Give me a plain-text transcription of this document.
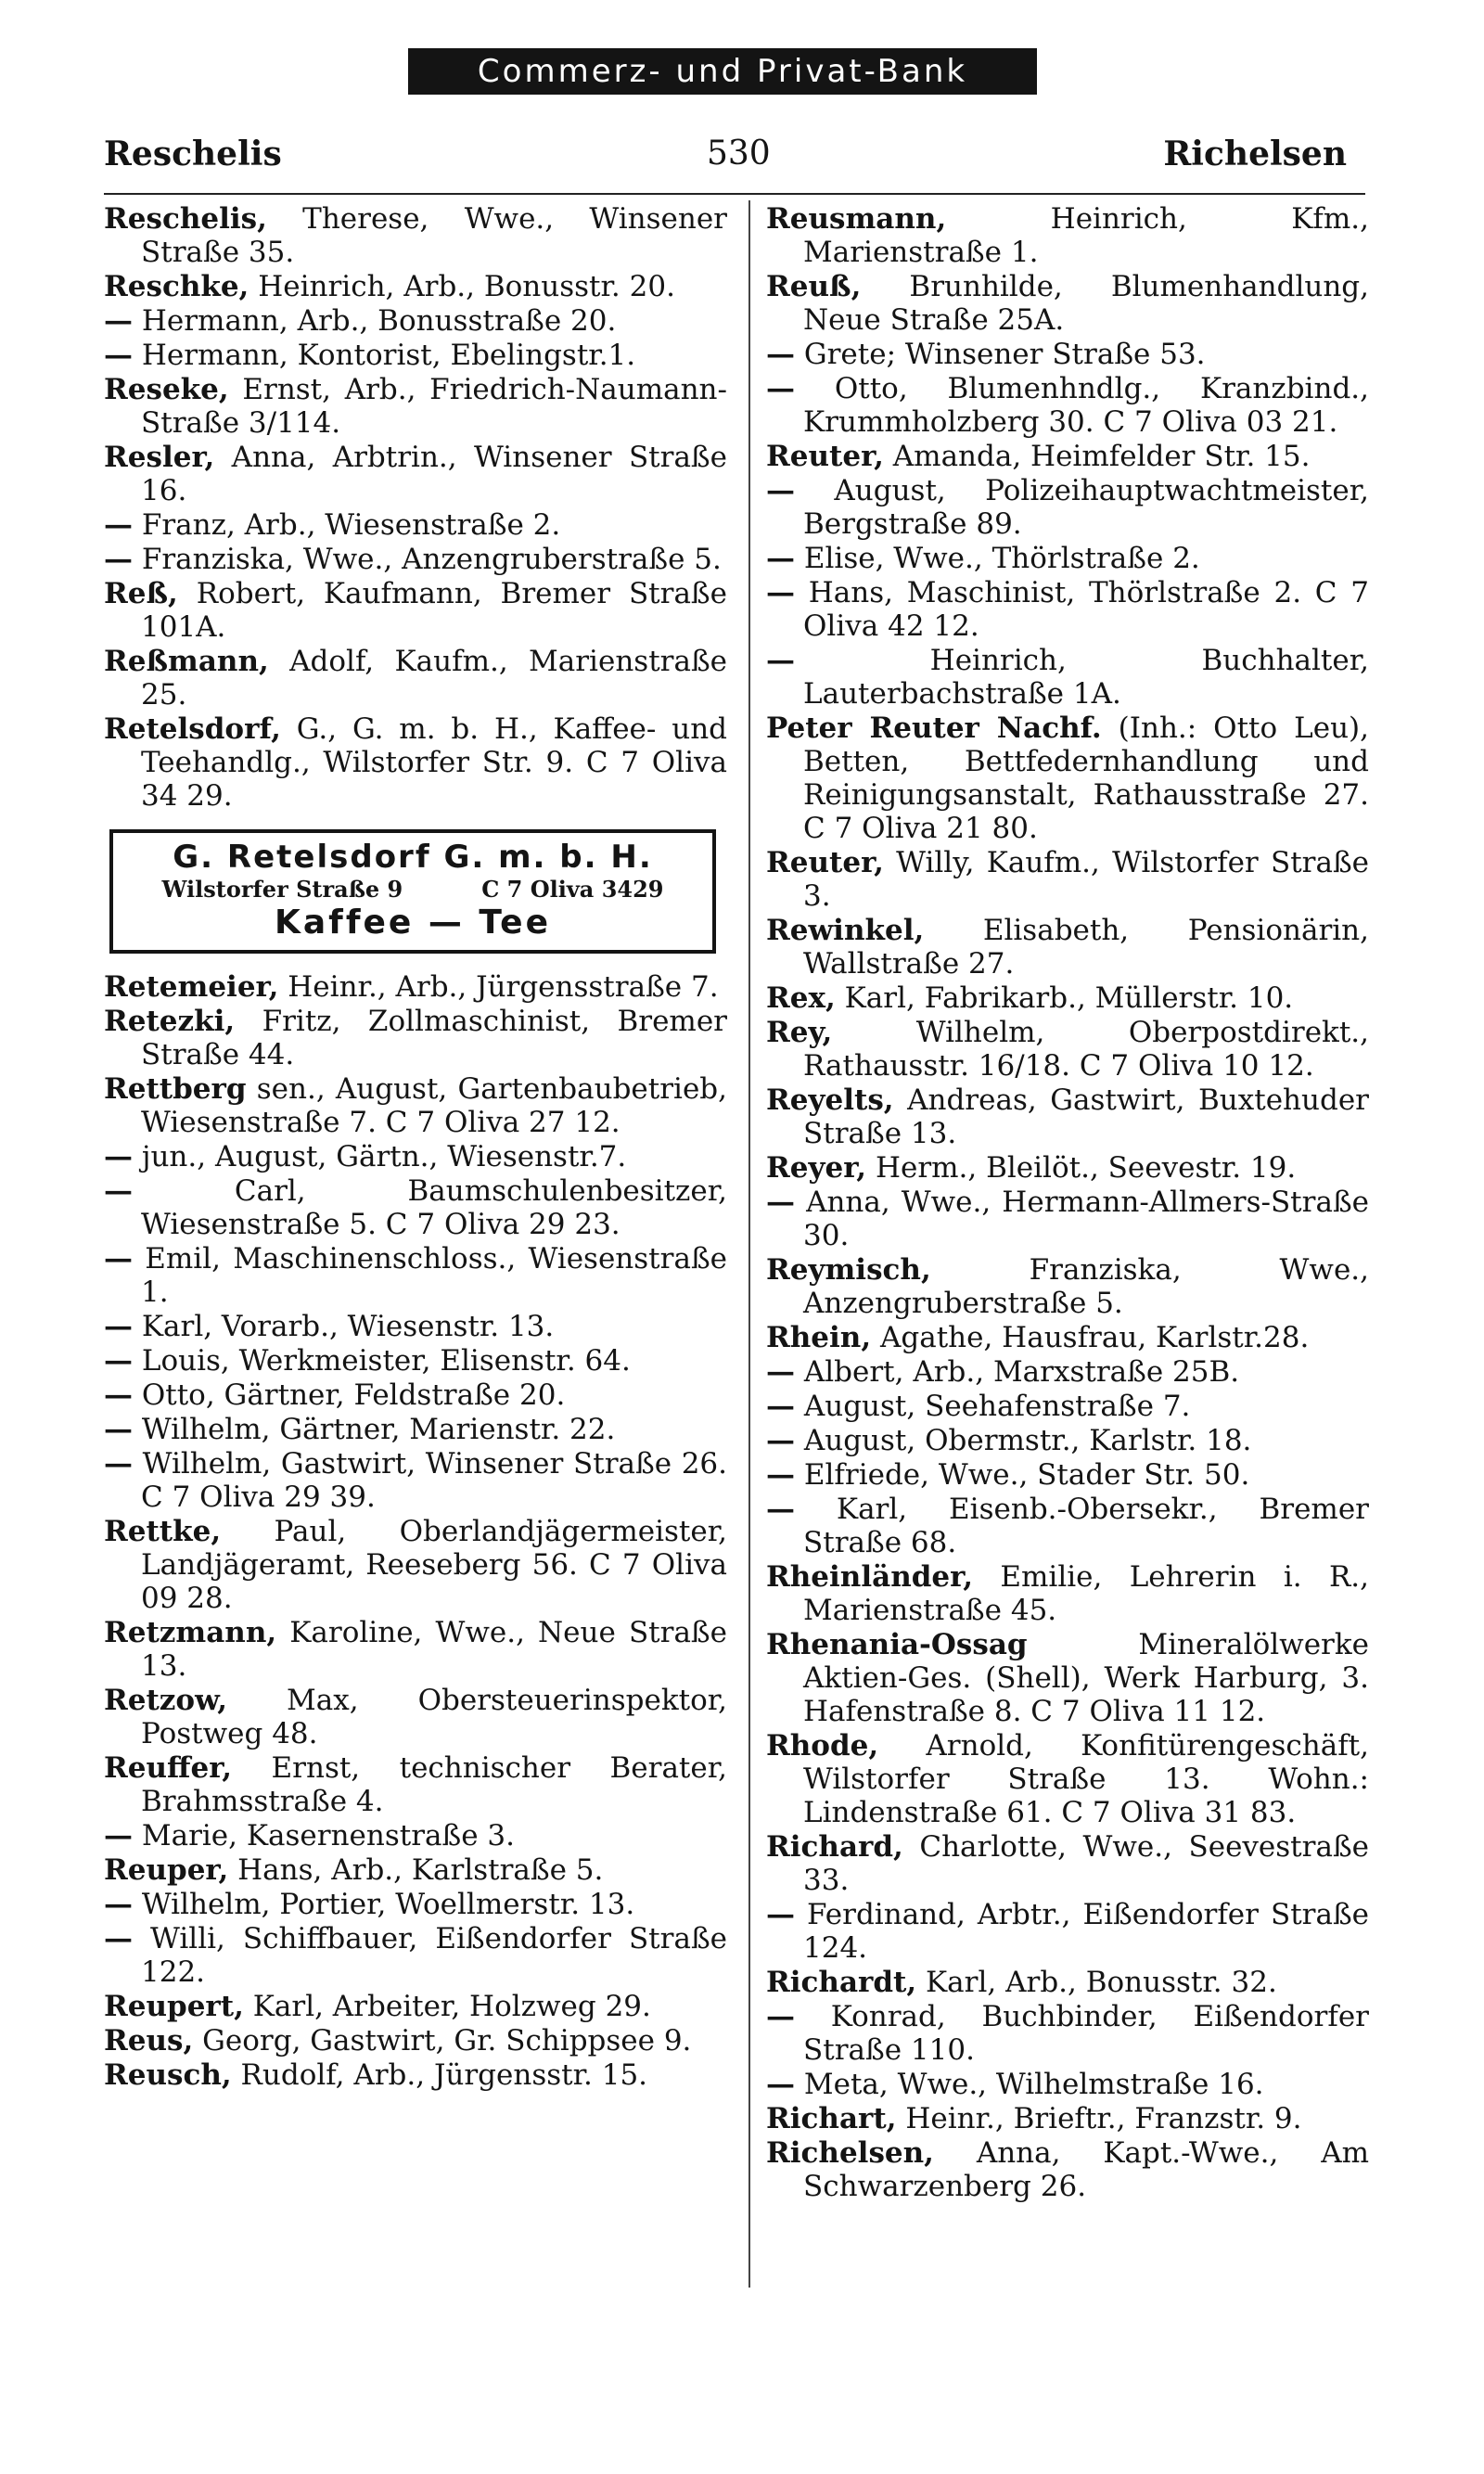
Commerz- und Privat-Bank
Reschelis	530	Richelsen
Reschelis, Therese, Wwe., Winsener Straße 35.
Reschke, Heinrich, Arb., Bonusstr. 20.
— Hermann, Arb., Bonusstraße 20.
— Hermann, Kontorist, Ebelingstr.1.
Reseke, Ernst, Arb., Friedrich-Naumann-Straße 3/114.
Resler, Anna, Arbtrin., Winsener Straße 16.
— Franz, Arb., Wiesenstraße 2.
— Franziska, Wwe., Anzengruberstraße 5.
Reß, Robert, Kaufmann, Bremer Straße 101A.
Reßmann, Adolf, Kaufm., Marienstraße 25.
Retelsdorf, G., G. m. b. H., Kaffee- und Teehandlg., Wilstorfer Str. 9. C 7 Oliva 34 29.
G. Retelsdorf G. m. b. H.
Wilstorfer Straße 9	C 7 Oliva 3429
Kaffee — Tee
Retemeier, Heinr., Arb., Jürgensstraße 7.
Retezki, Fritz, Zollmaschinist, Bremer Straße 44.
Rettberg sen., August, Gartenbaubetrieb, Wiesenstraße 7. C 7 Oliva 27 12.
— jun., August, Gärtn., Wiesenstr.7.
— Carl, Baumschulenbesitzer, Wiesenstraße 5. C 7 Oliva 29 23.
— Emil, Maschinenschloss., Wiesenstraße 1.
— Karl, Vorarb., Wiesenstr. 13.
— Louis, Werkmeister, Elisenstr. 64.
— Otto, Gärtner, Feldstraße 20.
— Wilhelm, Gärtner, Marienstr. 22.
— Wilhelm, Gastwirt, Winsener Straße 26. C 7 Oliva 29 39.
Rettke, Paul, Oberlandjägermeister, Landjägeramt, Reeseberg 56. C 7 Oliva 09 28.
Retzmann, Karoline, Wwe., Neue Straße 13.
Retzow, Max, Obersteuerinspektor, Postweg 48.
Reuffer, Ernst, technischer Berater, Brahmsstraße 4.
— Marie, Kasernenstraße 3.
Reuper, Hans, Arb., Karlstraße 5.
— Wilhelm, Portier, Woellmerstr. 13.
— Willi, Schiffbauer, Eißendorfer Straße 122.
Reupert, Karl, Arbeiter, Holzweg 29.
Reus, Georg, Gastwirt, Gr. Schippsee 9.
Reusch, Rudolf, Arb., Jürgensstr. 15.
Reusmann, Heinrich, Kfm., Marienstraße 1.
Reuß, Brunhilde, Blumenhandlung, Neue Straße 25A.
— Grete; Winsener Straße 53.
— Otto, Blumenhndlg., Kranzbind., Krummholzberg 30. C 7 Oliva 03 21.
Reuter, Amanda, Heimfelder Str. 15.
— August, Polizeihauptwachtmeister, Bergstraße 89.
— Elise, Wwe., Thörlstraße 2.
— Hans, Maschinist, Thörlstraße 2. C 7 Oliva 42 12.
— Heinrich, Buchhalter, Lauterbachstraße 1A.
Peter Reuter Nachf. (Inh.: Otto Leu), Betten, Bettfedernhandlung und Reinigungsanstalt, Rathausstraße 27. C 7 Oliva 21 80.
Reuter, Willy, Kaufm., Wilstorfer Straße 3.
Rewinkel, Elisabeth, Pensionärin, Wallstraße 27.
Rex, Karl, Fabrikarb., Müllerstr. 10.
Rey, Wilhelm, Oberpostdirekt., Rathausstr. 16/18. C 7 Oliva 10 12.
Reyelts, Andreas, Gastwirt, Buxtehuder Straße 13.
Reyer, Herm., Bleilöt., Seevestr. 19.
— Anna, Wwe., Hermann-Allmers-Straße 30.
Reymisch, Franziska, Wwe., Anzengruberstraße 5.
Rhein, Agathe, Hausfrau, Karlstr.28.
— Albert, Arb., Marxstraße 25B.
— August, Seehafenstraße 7.
— August, Obermstr., Karlstr. 18.
— Elfriede, Wwe., Stader Str. 50.
— Karl, Eisenb.-Obersekr., Bremer Straße 68.
Rheinländer, Emilie, Lehrerin i. R., Marienstraße 45.
Rhenania-Ossag Mineralölwerke Aktien-Ges. (Shell), Werk Harburg, 3. Hafenstraße 8. C 7 Oliva 11 12.
Rhode, Arnold, Konfitürengeschäft, Wilstorfer Straße 13. Wohn.: Lindenstraße 61. C 7 Oliva 31 83.
Richard, Charlotte, Wwe., Seevestraße 33.
— Ferdinand, Arbtr., Eißendorfer Straße 124.
Richardt, Karl, Arb., Bonusstr. 32.
— Konrad, Buchbinder, Eißendorfer Straße 110.
— Meta, Wwe., Wilhelmstraße 16.
Richart, Heinr., Brieftr., Franzstr. 9.
Richelsen, Anna, Kapt.-Wwe., Am Schwarzenberg 26.
